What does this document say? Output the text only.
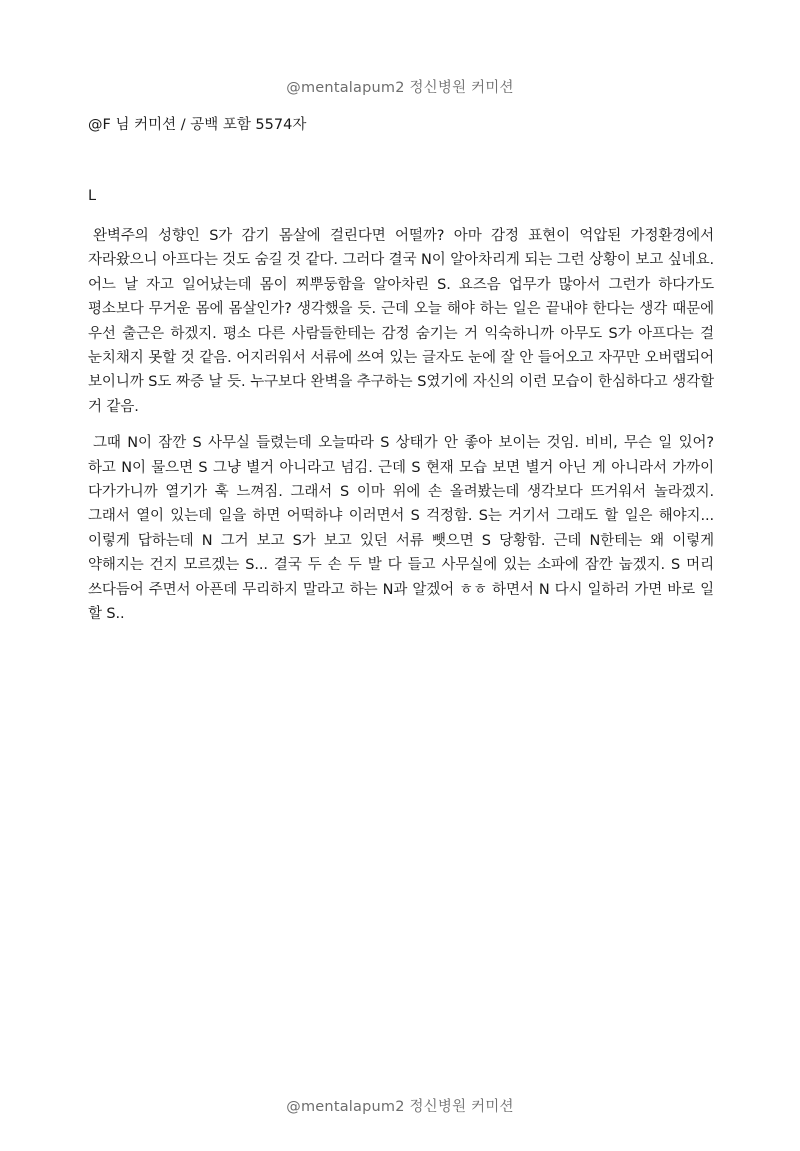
@mentalapum2 정신병원 커미션
@F 님 커미션 / 공백 포함 5574자
L

완벽주의 성향인 S가 감기 몸살에 걸린다면 어떨까? 아마 감정 표현이 억압된 가정환경에서 자라왔으니 아프다는 것도 숨길 것 같다. 그러다 결국 N이 알아차리게 되는 그런 상황이 보고 싶네요. 어느 날 자고 일어났는데 몸이 찌뿌둥함을 알아차린 S. 요즈음 업무가 많아서 그런가 하다가도 평소보다 무거운 몸에 몸살인가? 생각했을 듯. 근데 오늘 해야 하는 일은 끝내야 한다는 생각 때문에 우선 출근은 하겠지. 평소 다른 사람들한테는 감정 숨기는 거 익숙하니까 아무도 S가 아프다는 걸 눈치채지 못할 것 같음. 어지러워서 서류에 쓰여 있는 글자도 눈에 잘 안 들어오고 자꾸만 오버랩되어 보이니까 S도 짜증 날 듯. 누구보다 완벽을 추구하는 S였기에 자신의 이런 모습이 한심하다고 생각할 거 같음.

그때 N이 잠깐 S 사무실 들렸는데 오늘따라 S 상태가 안 좋아 보이는 것임. 비비, 무슨 일 있어? 하고 N이 물으면 S 그냥 별거 아니라고 넘김. 근데 S 현재 모습 보면 별거 아닌 게 아니라서 가까이 다가가니까 열기가 훅 느껴짐. 그래서 S 이마 위에 손 올려봤는데 생각보다 뜨거워서 놀라겠지. 그래서 열이 있는데 일을 하면 어떡하냐 이러면서 S 걱정함. S는 거기서 그래도 할 일은 해야지... 이렇게 답하는데 N 그거 보고 S가 보고 있던 서류 뺏으면 S 당황함. 근데 N한테는 왜 이렇게 약해지는 건지 모르겠는 S... 결국 두 손 두 발 다 들고 사무실에 있는 소파에 잠깐 눕겠지. S 머리 쓰다듬어 주면서 아픈데 무리하지 말라고 하는 N과 알겠어 ㅎㅎ 하면서 N 다시 일하러 가면 바로 일 할 S..

@mentalapum2 정신병원 커미션
